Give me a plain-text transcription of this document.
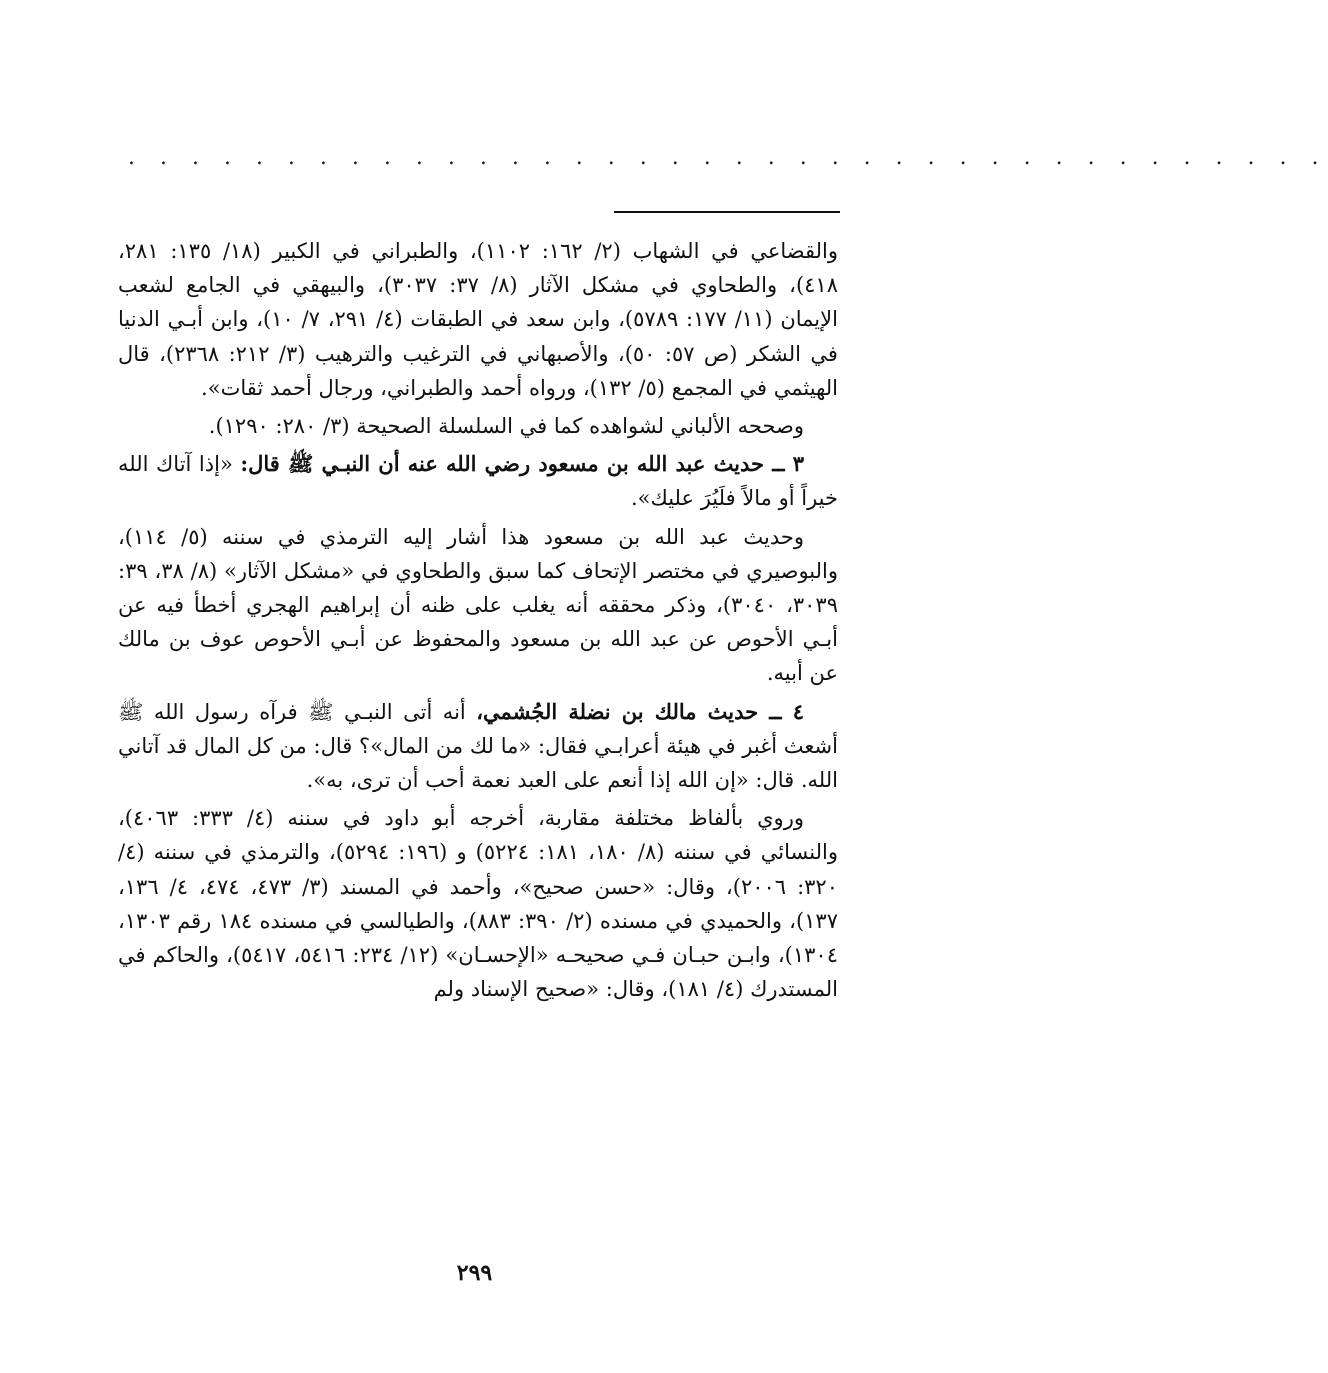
. . . . . . . . . . . . . . . . . . . . . . . . . . . . . . . . . . . . . .

والقضاعي في الشهاب (٢/ ١٦٢: ١١٠٢)، والطبراني في الكبير (١٨/ ١٣٥: ٢٨١، ٤١٨)، والطحاوي في مشكل الآثار (٨/ ٣٧: ٣٠٣٧)، والبيهقي في الجامع لشعب الإيمان (١١/ ١٧٧: ٥٧٨٩)، وابن سعد في الطبقات (٤/ ٢٩١، ٧/ ١٠)، وابن أبـي الدنيا في الشكر (ص ٥٧: ٥٠)، والأصبهاني في الترغيب والترهيب (٣/ ٢١٢: ٢٣٦٨)، قال الهيثمي في المجمع (٥/ ١٣٢)، ورواه أحمد والطبراني، ورجال أحمد ثقات».

وصححه الألباني لشواهده كما في السلسلة الصحيحة (٣/ ٢٨٠: ١٢٩٠).

٣ ــ حديث عبد الله بن مسعود رضي الله عنه أن النبـي ﷺ قال: «إذا آتاك الله خيراً أو مالاً فلَيُرَ عليك».

وحديث عبد الله بن مسعود هذا أشار إليه الترمذي في سننه (٥/ ١١٤)، والبوصيري في مختصر الإتحاف كما سبق والطحاوي في «مشكل الآثار» (٨/ ٣٨، ٣٩: ٣٠٣٩، ٣٠٤٠)، وذكر محققه أنه يغلب على ظنه أن إبراهيم الهجري أخطأ فيه عن أبـي الأحوص عن عبد الله بن مسعود والمحفوظ عن أبـي الأحوص عوف بن مالك عن أبيه.

٤ ــ حديث مالك بن نضلة الجُشمي، أنه أتى النبـي ﷺ فرآه رسول الله ﷺ أشعث أغبر في هيئة أعرابـي فقال: «ما لك من المال»؟ قال: من كل المال قد آتاني الله. قال: «إن الله إذا أنعم على العبد نعمة أحب أن ترى، به».

وروي بألفاظ مختلفة مقاربة، أخرجه أبو داود في سننه (٤/ ٣٣٣: ٤٠٦٣)، والنسائي في سننه (٨/ ١٨٠، ١٨١: ٥٢٢٤) و (١٩٦: ٥٢٩٤)، والترمذي في سننه (٤/ ٣٢٠: ٢٠٠٦)، وقال: «حسن صحيح»، وأحمد في المسند (٣/ ٤٧٣، ٤٧٤، ٤/ ١٣٦، ١٣٧)، والحميدي في مسنده (٢/ ٣٩٠: ٨٨٣)، والطيالسي في مسنده ١٨٤ رقم ١٣٠٣، ١٣٠٤)، وابـن حبـان فـي صحيحـه «الإحسـان» (١٢/ ٢٣٤: ٥٤١٦، ٥٤١٧)، والحاكم في المستدرك (٤/ ١٨١)، وقال: «صحيح الإسناد ولم

٢٩٩
